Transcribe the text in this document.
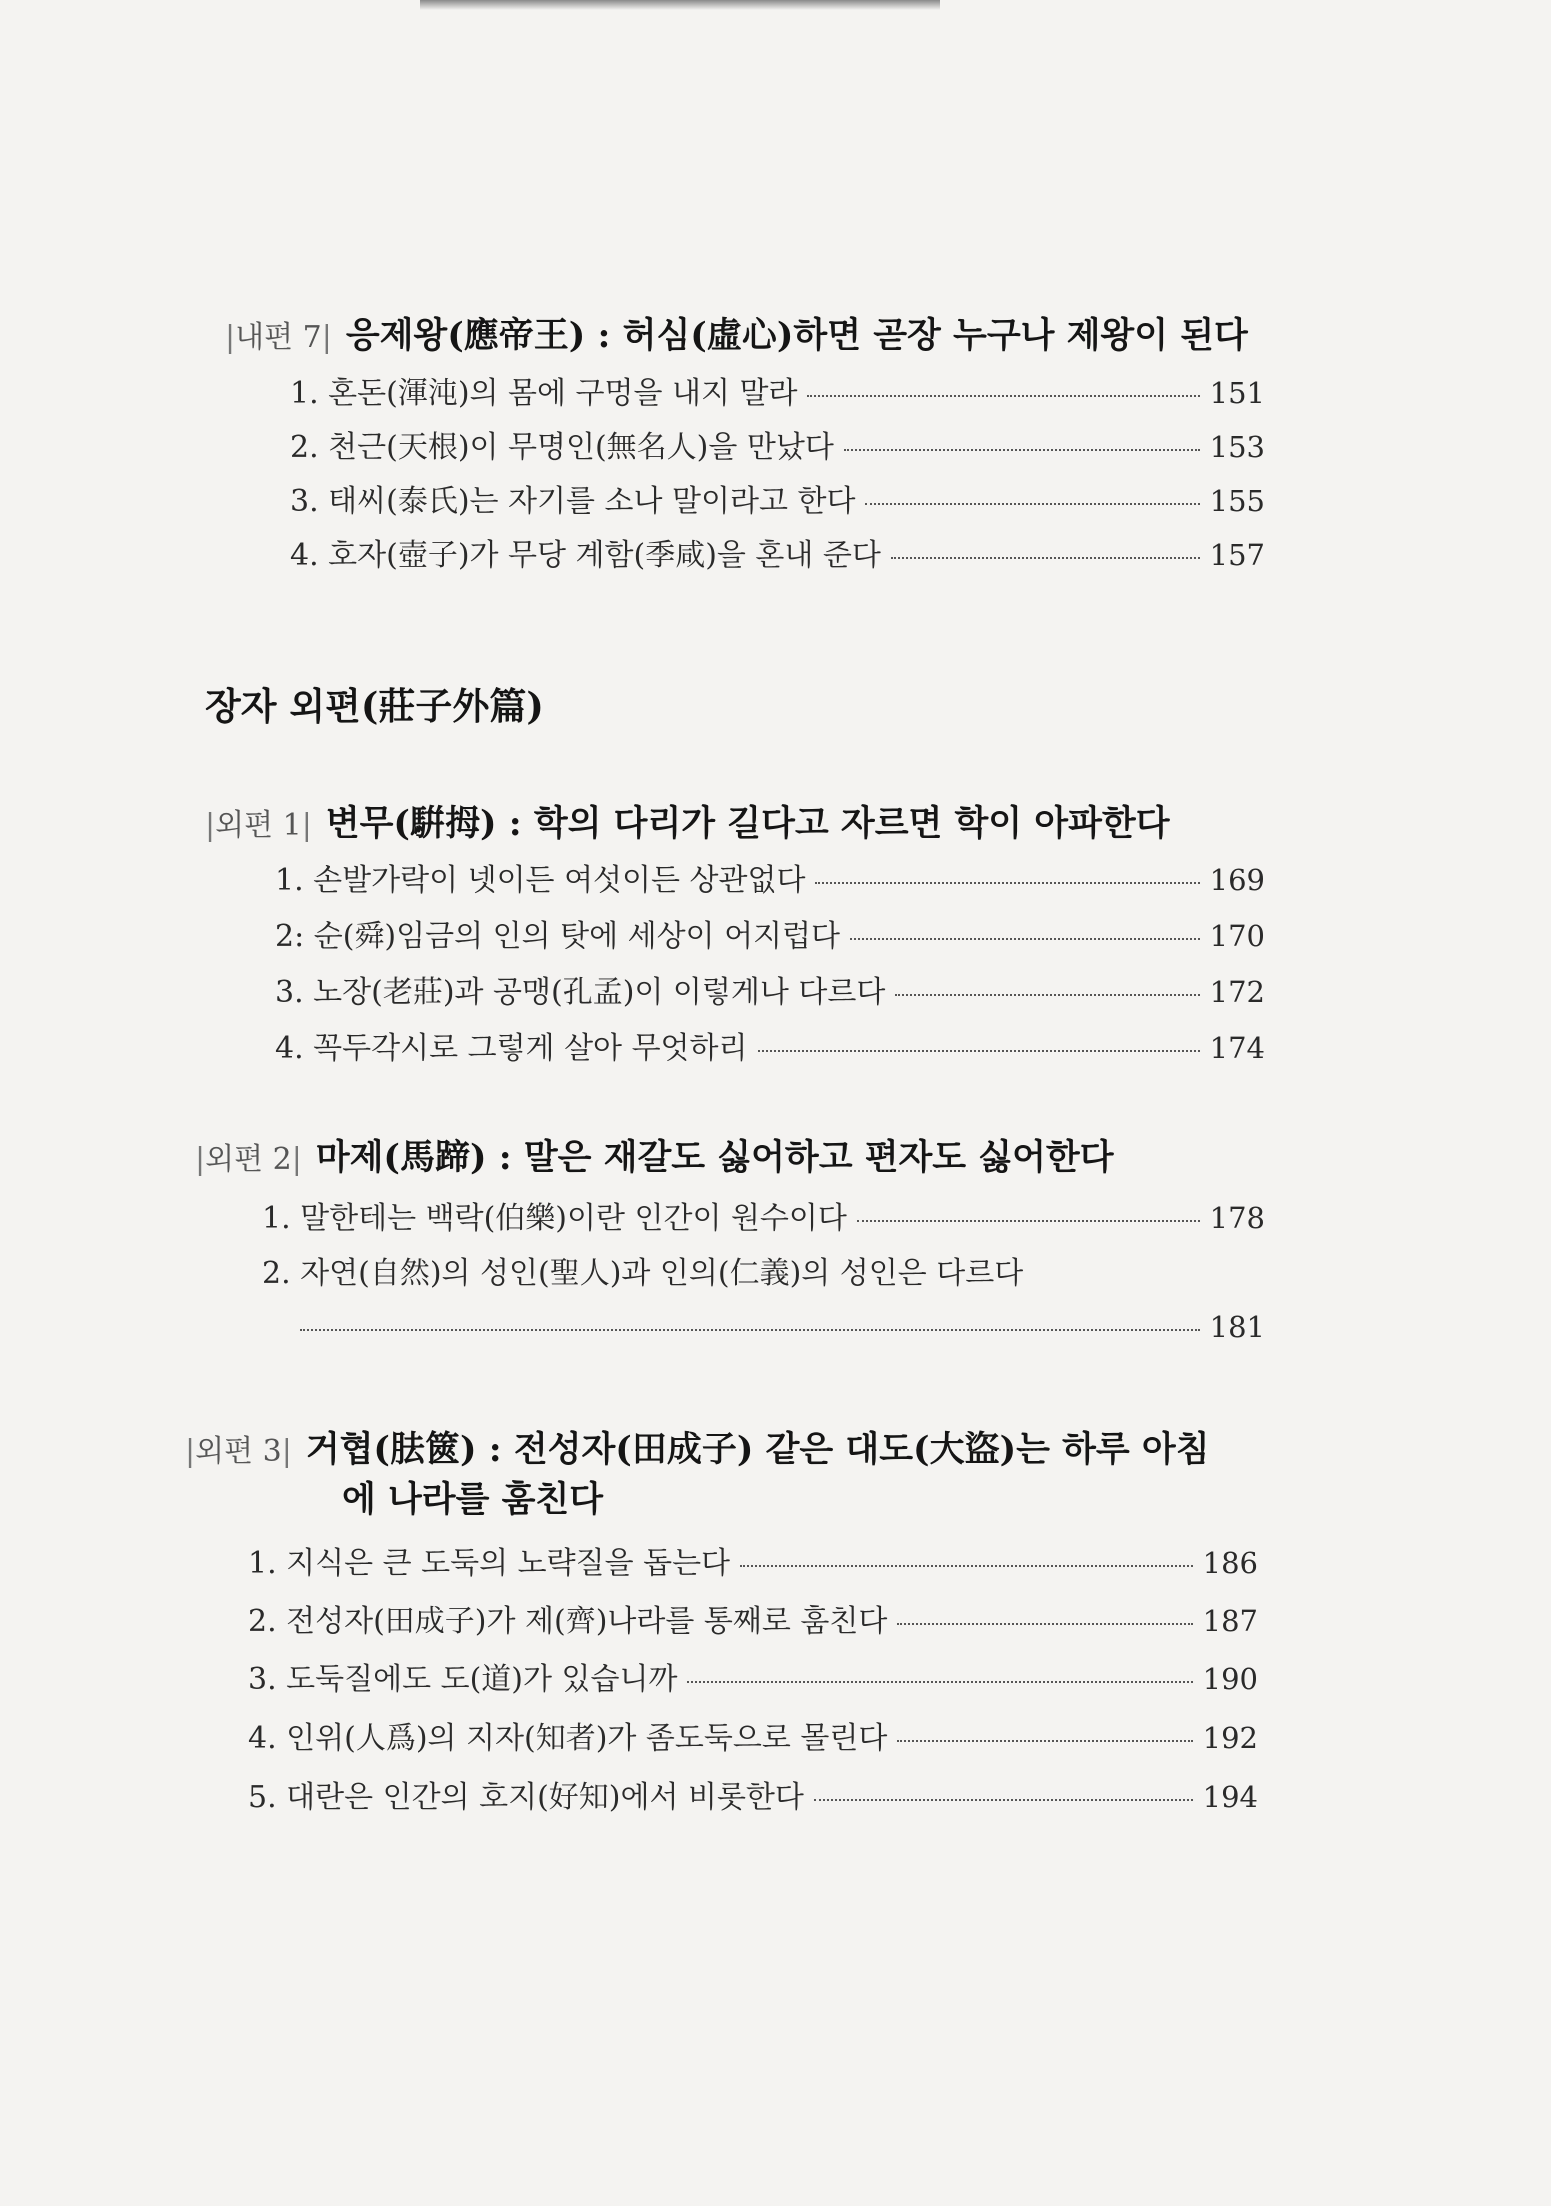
|내편 7| 응제왕(應帝王) : 허심(虛心)하면 곧장 누구나 제왕이 된다
1. 혼돈(渾沌)의 몸에 구멍을 내지 말라	151
2. 천근(天根)이 무명인(無名人)을 만났다	153
3. 태씨(泰氏)는 자기를 소나 말이라고 한다	155
4. 호자(壺子)가 무당 계함(季咸)을 혼내 준다	157
장자 외편(莊子外篇)
|외편 1| 변무(騈拇) : 학의 다리가 길다고 자르면 학이 아파한다
1. 손발가락이 넷이든 여섯이든 상관없다	169
2: 순(舜)임금의 인의 탓에 세상이 어지럽다	170
3. 노장(老莊)과 공맹(孔孟)이 이렇게나 다르다	172
4. 꼭두각시로 그렇게 살아 무엇하리	174
|외편 2| 마제(馬蹄) : 말은 재갈도 싫어하고 편자도 싫어한다
1. 말한테는 백락(伯樂)이란 인간이 원수이다	178
2. 자연(自然)의 성인(聖人)과 인의(仁義)의 성인은 다르다
181
|외편 3| 거협(胠篋) : 전성자(田成子) 같은 대도(大盜)는 하루 아침
에 나라를 훔친다
1. 지식은 큰 도둑의 노략질을 돕는다	186
2. 전성자(田成子)가 제(齊)나라를 통째로 훔친다	187
3. 도둑질에도 도(道)가 있습니까	190
4. 인위(人爲)의 지자(知者)가 좀도둑으로 몰린다	192
5. 대란은 인간의 호지(好知)에서 비롯한다	194
